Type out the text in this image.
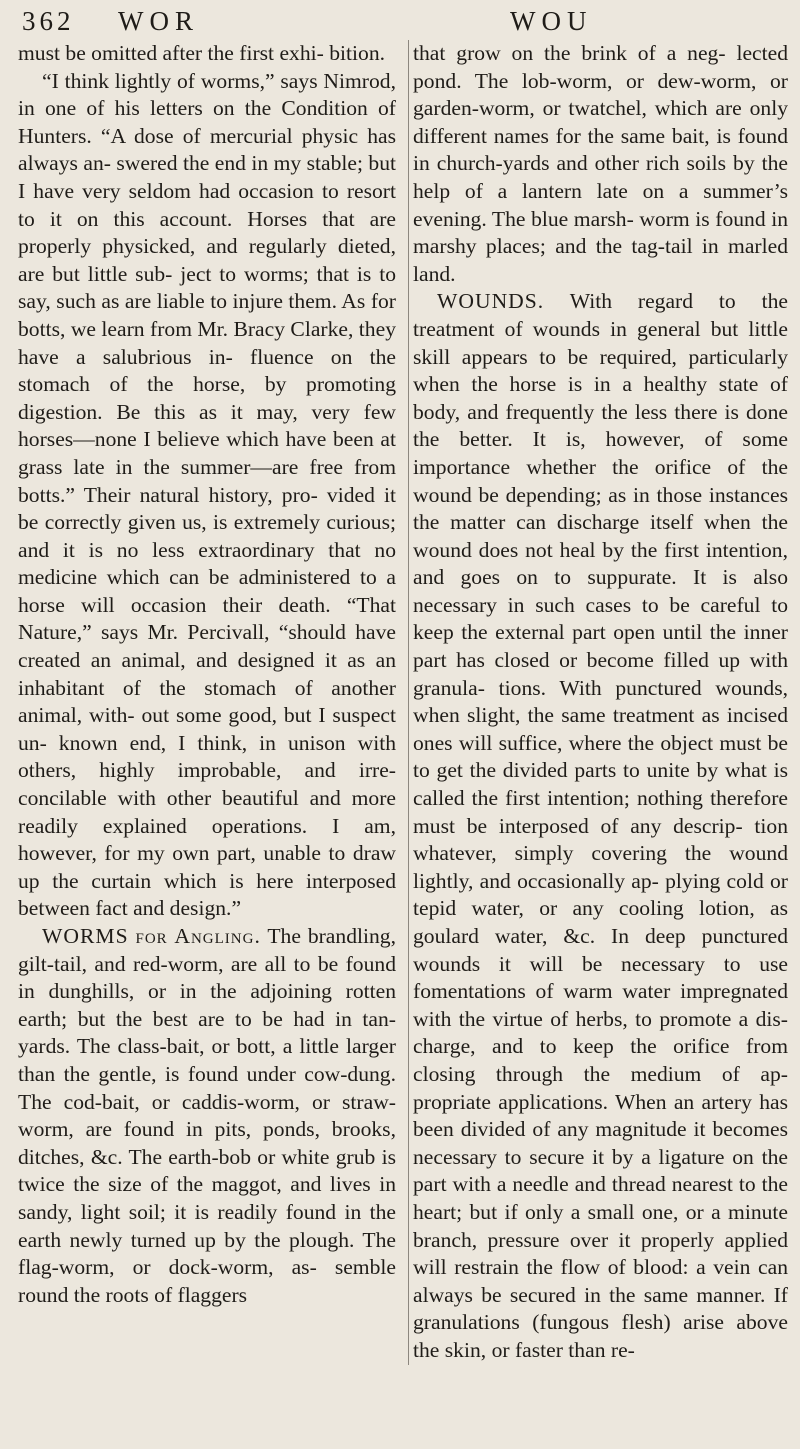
362 WOR	WOU

must be omitted after the first exhi- bition.

“I think lightly of worms,” says Nimrod, in one of his letters on the Condition of Hunters. “A dose of mercurial physic has always an- swered the end in my stable; but I have very seldom had occasion to resort to it on this account. Horses that are properly physicked, and regularly dieted, are but little sub- ject to worms; that is to say, such as are liable to injure them. As for botts, we learn from Mr. Bracy Clarke, they have a salubrious in- fluence on the stomach of the horse, by promoting digestion. Be this as it may, very few horses—none I believe which have been at grass late in the summer—are free from botts.” Their natural history, pro- vided it be correctly given us, is extremely curious; and it is no less extraordinary that no medicine which can be administered to a horse will occasion their death. “That Nature,” says Mr. Percivall, “should have created an animal, and designed it as an inhabitant of the stomach of another animal, with- out some good, but I suspect un- known end, I think, in unison with others, highly improbable, and irre- concilable with other beautiful and more readily explained operations. I am, however, for my own part, unable to draw up the curtain which is here interposed between fact and design.”

WORMS for Angling. The brandling, gilt-tail, and red-worm, are all to be found in dunghills, or in the adjoining rotten earth; but the best are to be had in tan-yards. The class-bait, or bott, a little larger than the gentle, is found under cow-dung. The cod-bait, or caddis-worm, or straw-worm, are found in pits, ponds, brooks, ditches, &c. The earth-bob or white grub is twice the size of the maggot, and lives in sandy, light soil; it is readily found in the earth newly turned up by the plough. The flag-worm, or dock-worm, as- semble round the roots of flaggers

that grow on the brink of a neg- lected pond. The lob-worm, or dew-worm, or garden-worm, or twatchel, which are only different names for the same bait, is found in church-yards and other rich soils by the help of a lantern late on a summer’s evening. The blue marsh- worm is found in marshy places; and the tag-tail in marled land.

WOUNDS. With regard to the treatment of wounds in general but little skill appears to be required, particularly when the horse is in a healthy state of body, and frequently the less there is done the better. It is, however, of some importance whether the orifice of the wound be depending; as in those instances the matter can discharge itself when the wound does not heal by the first intention, and goes on to suppurate. It is also necessary in such cases to be careful to keep the external part open until the inner part has closed or become filled up with granula- tions. With punctured wounds, when slight, the same treatment as incised ones will suffice, where the object must be to get the divided parts to unite by what is called the first intention; nothing therefore must be interposed of any descrip- tion whatever, simply covering the wound lightly, and occasionally ap- plying cold or tepid water, or any cooling lotion, as goulard water, &c. In deep punctured wounds it will be necessary to use fomentations of warm water impregnated with the virtue of herbs, to promote a dis- charge, and to keep the orifice from closing through the medium of ap- propriate applications. When an artery has been divided of any magnitude it becomes necessary to secure it by a ligature on the part with a needle and thread nearest to the heart; but if only a small one, or a minute branch, pressure over it properly applied will restrain the flow of blood: a vein can always be secured in the same manner. If granulations (fungous flesh) arise above the skin, or faster than re-
